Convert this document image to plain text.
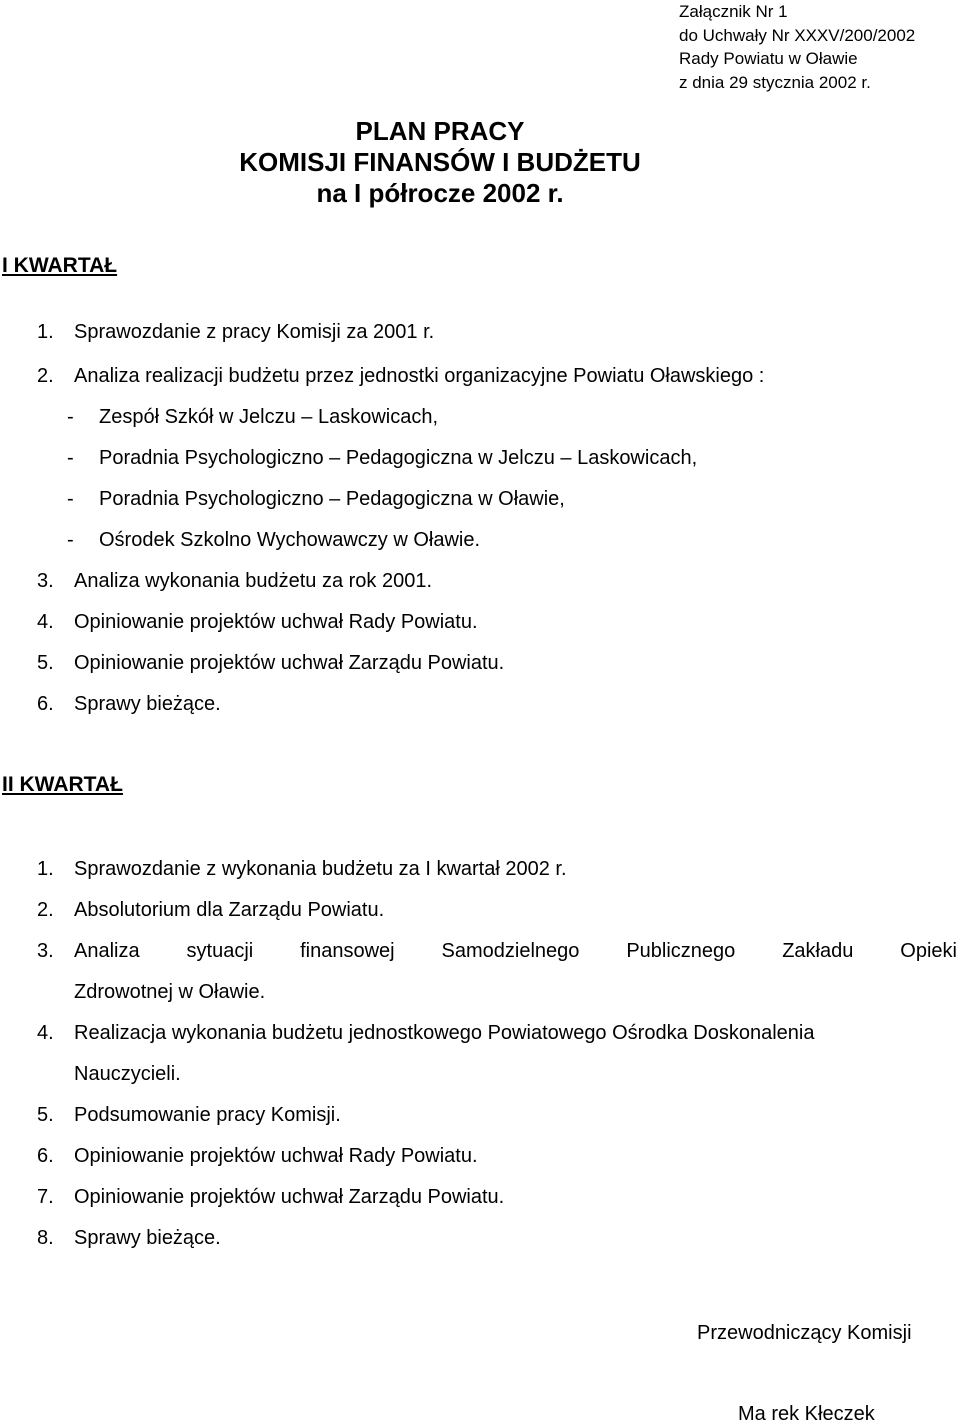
Załącznik Nr 1
do Uchwały Nr XXXV/200/2002
Rady Powiatu w Oławie
z dnia 29 stycznia 2002 r.
PLAN PRACY
KOMISJI FINANSÓW I BUDŻETU
na I półrocze 2002 r.
I KWARTAŁ
1. Sprawozdanie z pracy Komisji za 2001 r.
2. Analiza realizacji budżetu przez jednostki organizacyjne Powiatu Oławskiego :
- Zespół Szkół w Jelczu – Laskowicach,
- Poradnia Psychologiczno – Pedagogiczna w Jelczu – Laskowicach,
- Poradnia Psychologiczno – Pedagogiczna w Oławie,
- Ośrodek Szkolno Wychowawczy w Oławie.
3. Analiza wykonania budżetu za rok 2001.
4. Opiniowanie projektów uchwał Rady Powiatu.
5. Opiniowanie projektów uchwał Zarządu Powiatu.
6. Sprawy bieżące.
II KWARTAŁ
1. Sprawozdanie z wykonania budżetu za I kwartał 2002 r.
2. Absolutorium dla Zarządu Powiatu.
3.	Analiza sytuacji finansowej Samodzielnego Publicznego Zakładu Opieki
Zdrowotnej w Oławie.
4. Realizacja wykonania budżetu jednostkowego Powiatowego Ośrodka Doskonalenia
Nauczycieli.
5. Podsumowanie pracy Komisji.
6. Opiniowanie projektów uchwał Rady Powiatu.
7. Opiniowanie projektów uchwał Zarządu Powiatu.
8. Sprawy bieżące.
Przewodniczący Komisji
Ma rek Kłeczek
